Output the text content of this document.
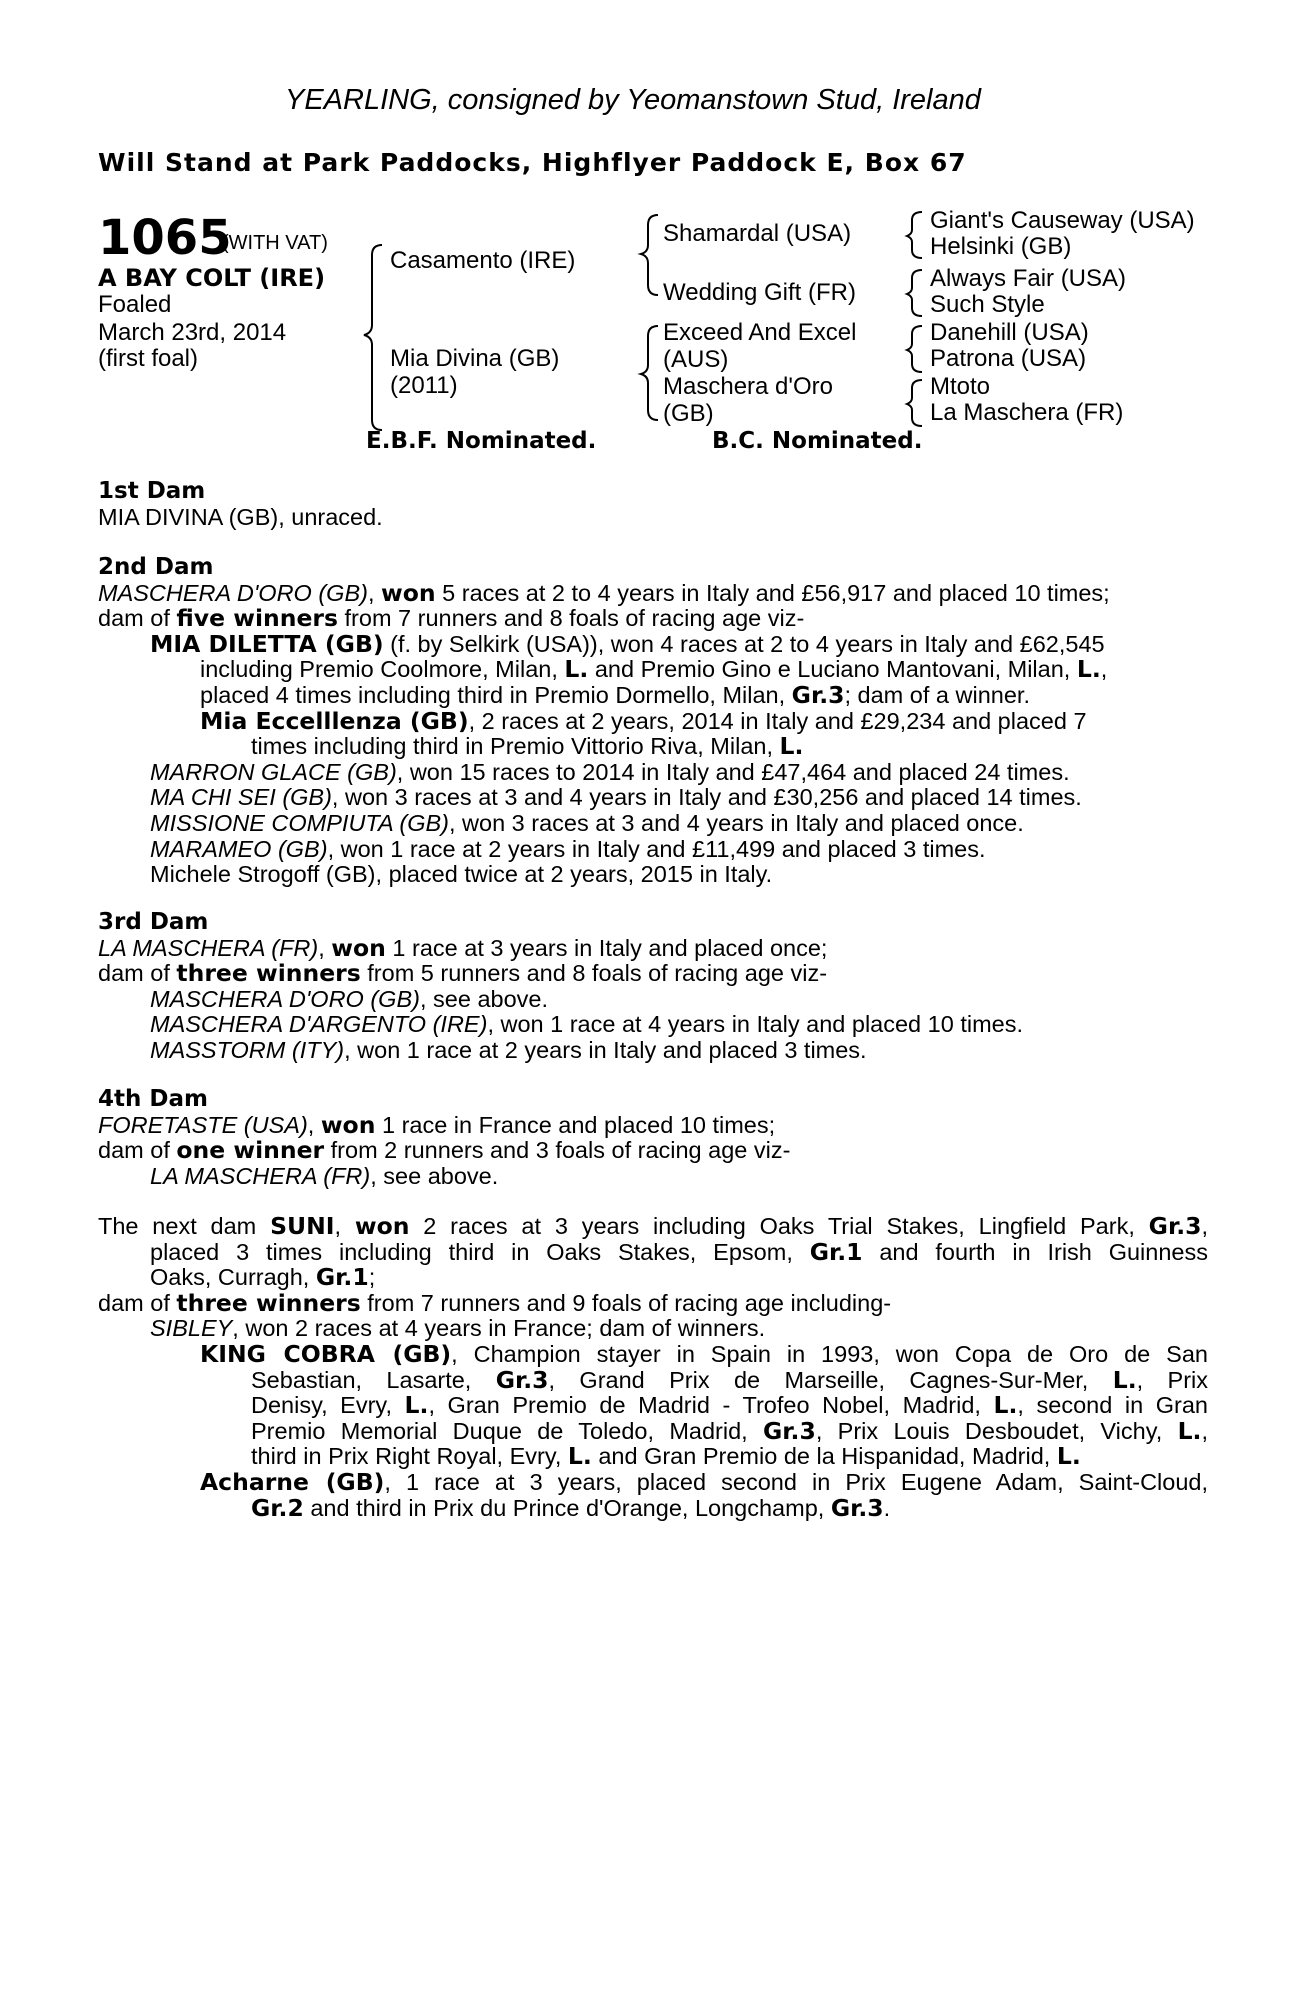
YEARLING, consigned by Yeomanstown Stud, Ireland
Will Stand at Park Paddocks, Highflyer Paddock E, Box 67
1065
(WITH VAT)
A BAY COLT (IRE)
Foaled
March 23rd, 2014
(first foal)
Casamento (IRE)
Mia Divina (GB)
(2011)
Shamardal (USA)
Wedding Gift (FR)
Exceed And Excel
(AUS)
Maschera d'Oro
(GB)
Giant's Causeway (USA)
Helsinki (GB)
Always Fair (USA)
Such Style
Danehill (USA)
Patrona (USA)
Mtoto
La Maschera (FR)
E.B.F. Nominated.	B.C. Nominated.
1st Dam
MIA DIVINA (GB), unraced.
2nd Dam
MASCHERA D'ORO (GB), won 5 races at 2 to 4 years in Italy and £56,917 and placed 10 times;
dam of five winners from 7 runners and 8 foals of racing age viz-
MIA DILETTA (GB) (f. by Selkirk (USA)), won 4 races at 2 to 4 years in Italy and £62,545
including Premio Coolmore, Milan, L. and Premio Gino e Luciano Mantovani, Milan, L.,
placed 4 times including third in Premio Dormello, Milan, Gr.3; dam of a winner.
Mia Eccelllenza (GB), 2 races at 2 years, 2014 in Italy and £29,234 and placed 7
times including third in Premio Vittorio Riva, Milan, L.
MARRON GLACE (GB), won 15 races to 2014 in Italy and £47,464 and placed 24 times.
MA CHI SEI (GB), won 3 races at 3 and 4 years in Italy and £30,256 and placed 14 times.
MISSIONE COMPIUTA (GB), won 3 races at 3 and 4 years in Italy and placed once.
MARAMEO (GB), won 1 race at 2 years in Italy and £11,499 and placed 3 times.
Michele Strogoff (GB), placed twice at 2 years, 2015 in Italy.
3rd Dam
LA MASCHERA (FR), won 1 race at 3 years in Italy and placed once;
dam of three winners from 5 runners and 8 foals of racing age viz-
MASCHERA D'ORO (GB), see above.
MASCHERA D'ARGENTO (IRE), won 1 race at 4 years in Italy and placed 10 times.
MASSTORM (ITY), won 1 race at 2 years in Italy and placed 3 times.
4th Dam
FORETASTE (USA), won 1 race in France and placed 10 times;
dam of one winner from 2 runners and 3 foals of racing age viz-
LA MASCHERA (FR), see above.
The next dam SUNI, won 2 races at 3 years including Oaks Trial Stakes, Lingfield Park, Gr.3,
placed 3 times including third in Oaks Stakes, Epsom, Gr.1 and fourth in Irish Guinness
Oaks, Curragh, Gr.1;
dam of three winners from 7 runners and 9 foals of racing age including-
SIBLEY, won 2 races at 4 years in France; dam of winners.
KING COBRA (GB), Champion stayer in Spain in 1993, won Copa de Oro de San
Sebastian, Lasarte, Gr.3, Grand Prix de Marseille, Cagnes-Sur-Mer, L., Prix
Denisy, Evry, L., Gran Premio de Madrid - Trofeo Nobel, Madrid, L., second in Gran
Premio Memorial Duque de Toledo, Madrid, Gr.3, Prix Louis Desboudet, Vichy, L.,
third in Prix Right Royal, Evry, L. and Gran Premio de la Hispanidad, Madrid, L.
Acharne (GB), 1 race at 3 years, placed second in Prix Eugene Adam, Saint-Cloud,
Gr.2 and third in Prix du Prince d'Orange, Longchamp, Gr.3.
